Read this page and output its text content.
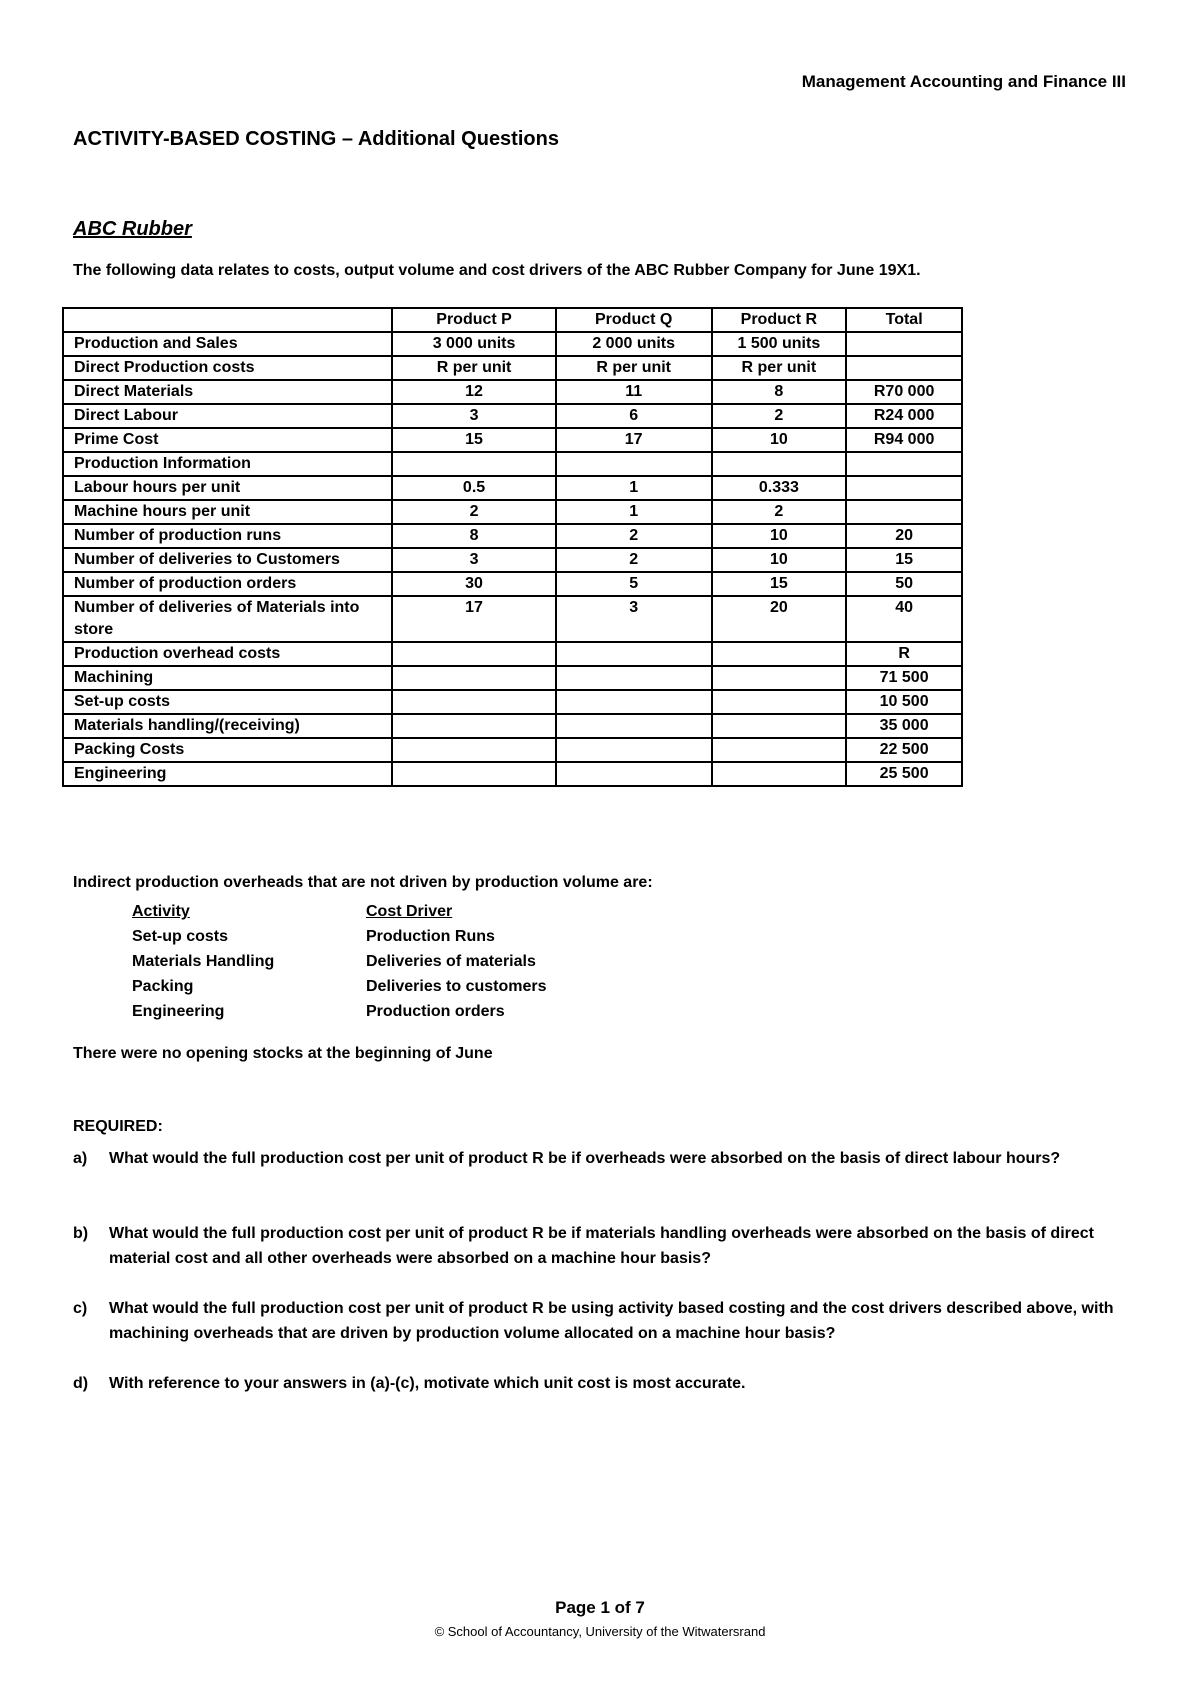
Management Accounting and Finance III
ACTIVITY-BASED COSTING – Additional Questions
ABC Rubber
The following data relates to costs, output volume and cost drivers of the ABC Rubber Company for June 19X1.
	Product P	Product Q	Product R	Total
Production and Sales	3 000 units	2 000 units	1 500 units	
Direct Production costs	R per unit	R per unit	R per unit	
Direct Materials	12	11	8	R70 000
Direct Labour	3	6	2	R24 000
Prime Cost	15	17	10	R94 000
Production Information				
Labour hours per unit	0.5	1	0.333	
Machine hours per unit	2	1	2	
Number of production runs	8	2	10	20
Number of deliveries to Customers	3	2	10	15
Number of production orders	30	5	15	50
Number of deliveries of Materials into store	17	3	20	40
Production overhead costs				R
Machining				71 500
Set-up costs				10 500
Materials handling/(receiving)				35 000
Packing Costs				22 500
Engineering				25 500
Indirect production overheads that are not driven by production volume are:
Activity	Cost Driver
Set-up costs	Production Runs
Materials Handling	Deliveries of materials
Packing	Deliveries to customers
Engineering	Production orders
There were no opening stocks at the beginning of June
REQUIRED:
a)	What would the full production cost per unit of product R be if overheads were absorbed on the basis of direct labour hours?
b)	What would the full production cost per unit of product R be if materials handling overheads were absorbed on the basis of direct material cost and all other overheads were absorbed on a machine hour basis?
c)	What would the full production cost per unit of product R be using activity based costing and the cost drivers described above, with machining overheads that are driven by production volume allocated on a machine hour basis?
d)	With reference to your answers in (a)-(c), motivate which unit cost is most accurate.
Page 1 of 7
© School of Accountancy, University of the Witwatersrand
